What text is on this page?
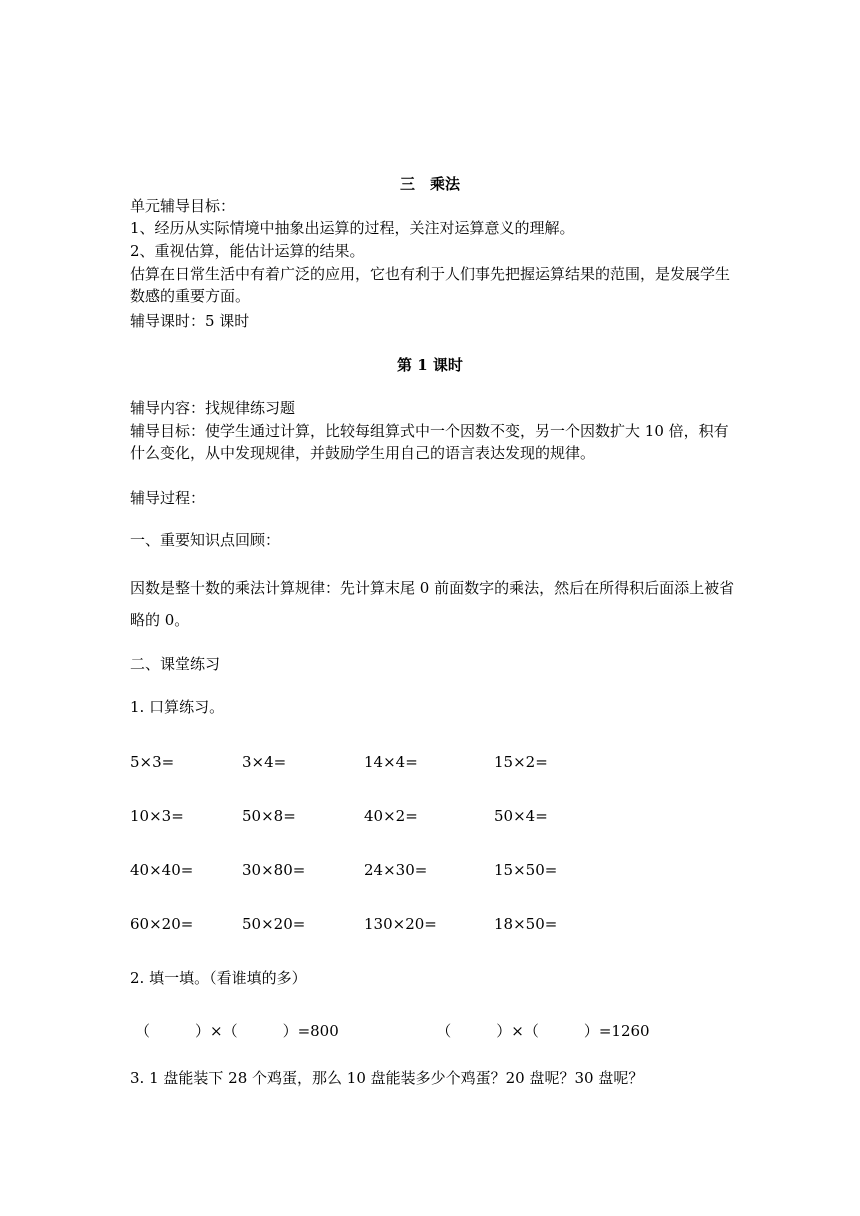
三　乘法
单元辅导目标：
1、经历从实际情境中抽象出运算的过程，关注对运算意义的理解。
2、重视估算，能估计运算的结果。
估算在日常生活中有着广泛的应用，它也有利于人们事先把握运算结果的范围，是发展学生数感的重要方面。
辅导课时：5 课时
第 1 课时
辅导内容：找规律练习题
辅导目标：使学生通过计算，比较每组算式中一个因数不变，另一个因数扩大 10 倍，积有什么变化，从中发现规律，并鼓励学生用自己的语言表达发现的规律。
辅导过程：
一、重要知识点回顾：
因数是整十数的乘法计算规律：先计算末尾 0 前面数字的乘法，然后在所得积后面添上被省略的 0。
二、课堂练习
1. 口算练习。
5×3=	3×4=	14×4=	15×2=
10×3=	50×8=	40×2=	50×4=
40×40=	30×80=	24×30=	15×50=
60×20=	50×20=	130×20=	18×50=
2. 填一填。（看谁填的多）
（　　　）×（　　　）=800　　　　　　　（　　　）×（　　　）=1260
3. 1 盘能装下 28 个鸡蛋，那么 10 盘能装多少个鸡蛋？20 盘呢？30 盘呢？
